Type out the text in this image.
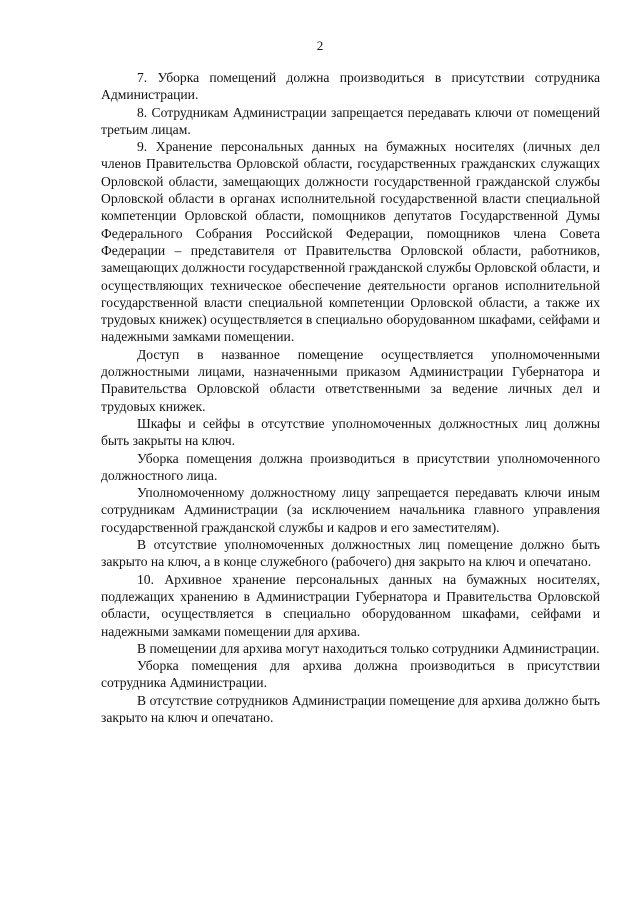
2

7. Уборка помещений должна производиться в присутствии сотрудника Администрации.

8. Сотрудникам Администрации запрещается передавать ключи от помещений третьим лицам.

9. Хранение персональных данных на бумажных носителях (личных дел членов Правительства Орловской области, государственных гражданских служащих Орловской области, замещающих должности государственной гражданской службы Орловской области в органах исполнительной государственной власти специальной компетенции Орловской области, помощников депутатов Государственной Думы Федерального Собрания Российской Федерации, помощников члена Совета Федерации – представителя от Правительства Орловской области, работников, замещающих должности государственной гражданской службы Орловской области, и осуществляющих техническое обеспечение деятельности органов исполнительной государственной власти специальной компетенции Орловской области, а также их трудовых книжек) осуществляется в специально оборудованном шкафами, сейфами и надежными замками помещении.

Доступ в названное помещение осуществляется уполномоченными должностными лицами, назначенными приказом Администрации Губернатора и Правительства Орловской области ответственными за ведение личных дел и трудовых книжек.

Шкафы и сейфы в отсутствие уполномоченных должностных лиц должны быть закрыты на ключ.

Уборка помещения должна производиться в присутствии уполномоченного должностного лица.

Уполномоченному должностному лицу запрещается передавать ключи иным сотрудникам Администрации (за исключением начальника главного управления государственной гражданской службы и кадров и его заместителям).

В отсутствие уполномоченных должностных лиц помещение должно быть закрыто на ключ, а в конце служебного (рабочего) дня закрыто на ключ и опечатано.

10. Архивное хранение персональных данных на бумажных носителях, подлежащих хранению в Администрации Губернатора и Правительства Орловской области, осуществляется в специально оборудованном шкафами, сейфами и надежными замками помещении для архива.

В помещении для архива могут находиться только сотрудники Администрации.

Уборка помещения для архива должна производиться в присутствии сотрудника Администрации.

В отсутствие сотрудников Администрации помещение для архива должно быть закрыто на ключ и опечатано.
